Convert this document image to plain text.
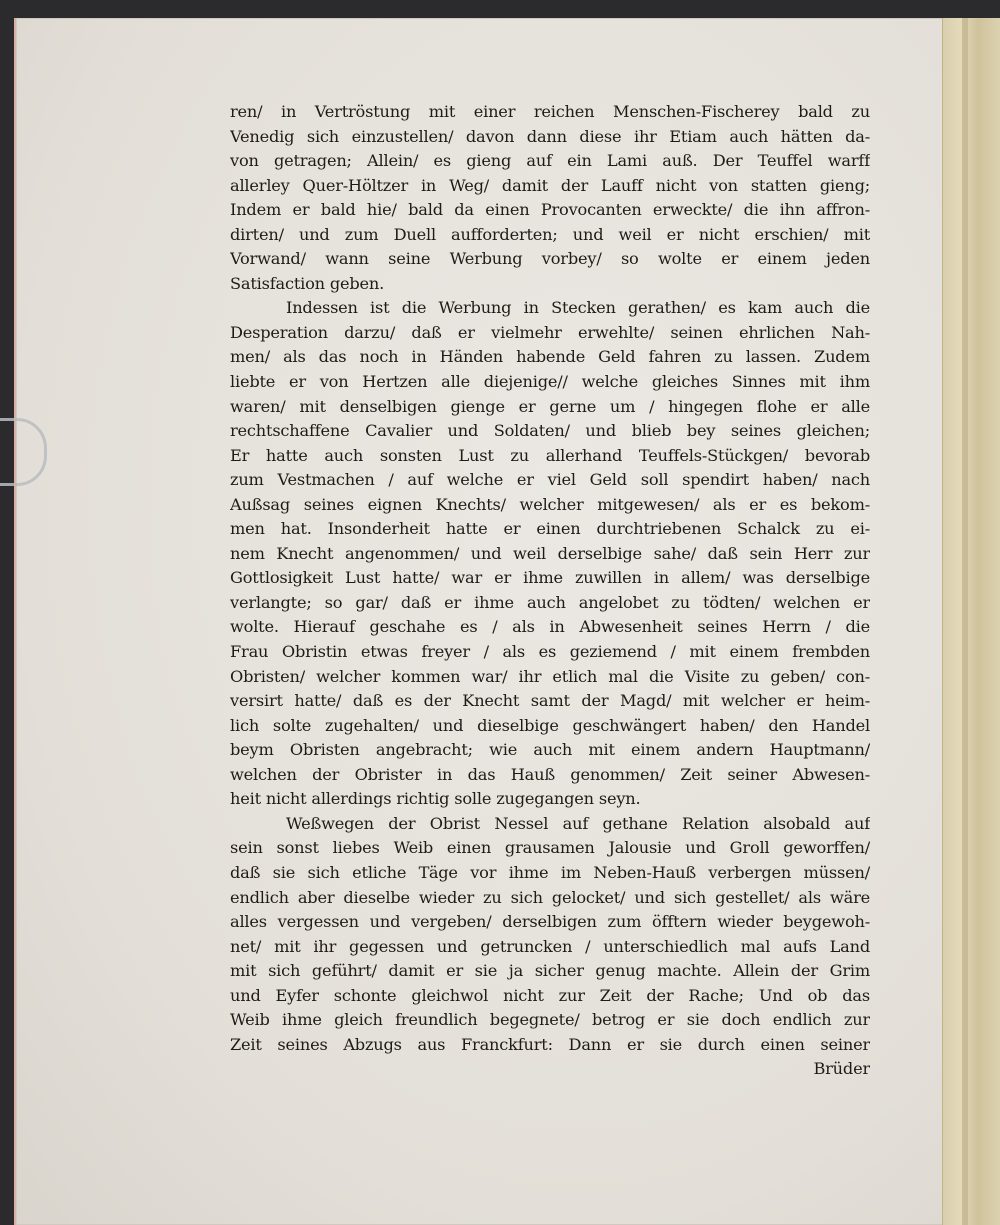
ren/ in Vertröstung mit einer reichen Menschen-Fischerey bald zu
Venedig sich einzustellen/ davon dann diese ihr Etiam auch hätten da-
von getragen; Allein/ es gieng auf ein Lami auß. Der Teuffel warff
allerley Quer-Höltzer in Weg/ damit der Lauff nicht von statten gieng;
Indem er bald hie/ bald da einen Provocanten erweckte/ die ihn affron-
dirten/ und zum Duell aufforderten; und weil er nicht erschien/ mit
Vorwand/ wann seine Werbung vorbey/ so wolte er einem jeden
Satisfaction geben.
Indessen ist die Werbung in Stecken gerathen/ es kam auch die
Desperation darzu/ daß er vielmehr erwehlte/ seinen ehrlichen Nah-
men/ als das noch in Händen habende Geld fahren zu lassen. Zudem
liebte er von Hertzen alle diejenige// welche gleiches Sinnes mit ihm
waren/ mit denselbigen gienge er gerne um / hingegen flohe er alle
rechtschaffene Cavalier und Soldaten/ und blieb bey seines gleichen;
Er hatte auch sonsten Lust zu allerhand Teuffels-Stückgen/ bevorab
zum Vestmachen / auf welche er viel Geld soll spendirt haben/ nach
Außsag seines eignen Knechts/ welcher mitgewesen/ als er es bekom-
men hat. Insonderheit hatte er einen durchtriebenen Schalck zu ei-
nem Knecht angenommen/ und weil derselbige sahe/ daß sein Herr zur
Gottlosigkeit Lust hatte/ war er ihme zuwillen in allem/ was derselbige
verlangte; so gar/ daß er ihme auch angelobet zu tödten/ welchen er
wolte. Hierauf geschahe es / als in Abwesenheit seines Herrn / die
Frau Obristin etwas freyer / als es geziemend / mit einem frembden
Obristen/ welcher kommen war/ ihr etlich mal die Visite zu geben/ con-
versirt hatte/ daß es der Knecht samt der Magd/ mit welcher er heim-
lich solte zugehalten/ und dieselbige geschwängert haben/ den Handel
beym Obristen angebracht; wie auch mit einem andern Hauptmann/
welchen der Obrister in das Hauß genommen/ Zeit seiner Abwesen-
heit nicht allerdings richtig solle zugegangen seyn.
Weßwegen der Obrist Nessel auf gethane Relation alsobald auf
sein sonst liebes Weib einen grausamen Jalousie und Groll geworffen/
daß sie sich etliche Täge vor ihme im Neben-Hauß verbergen müssen/
endlich aber dieselbe wieder zu sich gelocket/ und sich gestellet/ als wäre
alles vergessen und vergeben/ derselbigen zum öfftern wieder beygewoh-
net/ mit ihr gegessen und getruncken / unterschiedlich mal aufs Land
mit sich geführt/ damit er sie ja sicher genug machte. Allein der Grim
und Eyfer schonte gleichwol nicht zur Zeit der Rache; Und ob das
Weib ihme gleich freundlich begegnete/ betrog er sie doch endlich zur
Zeit seines Abzugs aus Franckfurt: Dann er sie durch einen seiner
Brüder
